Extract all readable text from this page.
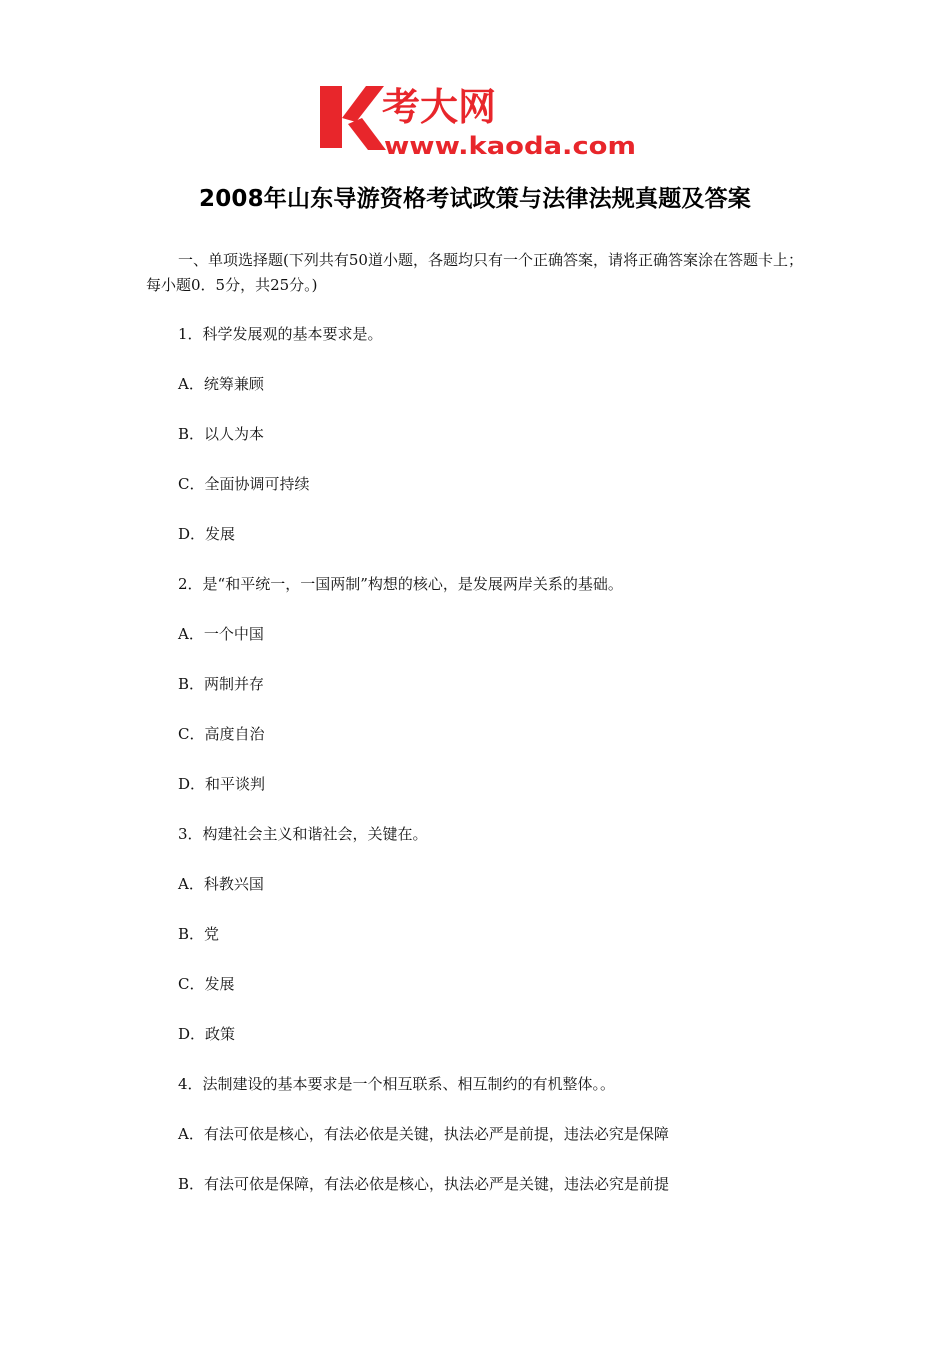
考大网
www.kaoda.com
2008年山东导游资格考试政策与法律法规真题及答案
一、单项选择题(下列共有50道小题，各题均只有一个正确答案，请将正确答案涂在答题卡上；每小题0．5分，共25分。)
1．科学发展观的基本要求是。
A．统筹兼顾
B．以人为本
C．全面协调可持续
D．发展
2．是“和平统一，一国两制”构想的核心，是发展两岸关系的基础。
A．一个中国
B．两制并存
C．高度自治
D．和平谈判
3．构建社会主义和谐社会，关键在。
A．科教兴国
B．党
C．发展
D．政策
4．法制建设的基本要求是一个相互联系、相互制约的有机整体。。
A．有法可依是核心，有法必依是关键，执法必严是前提，违法必究是保障
B．有法可依是保障，有法必依是核心，执法必严是关键，违法必究是前提
